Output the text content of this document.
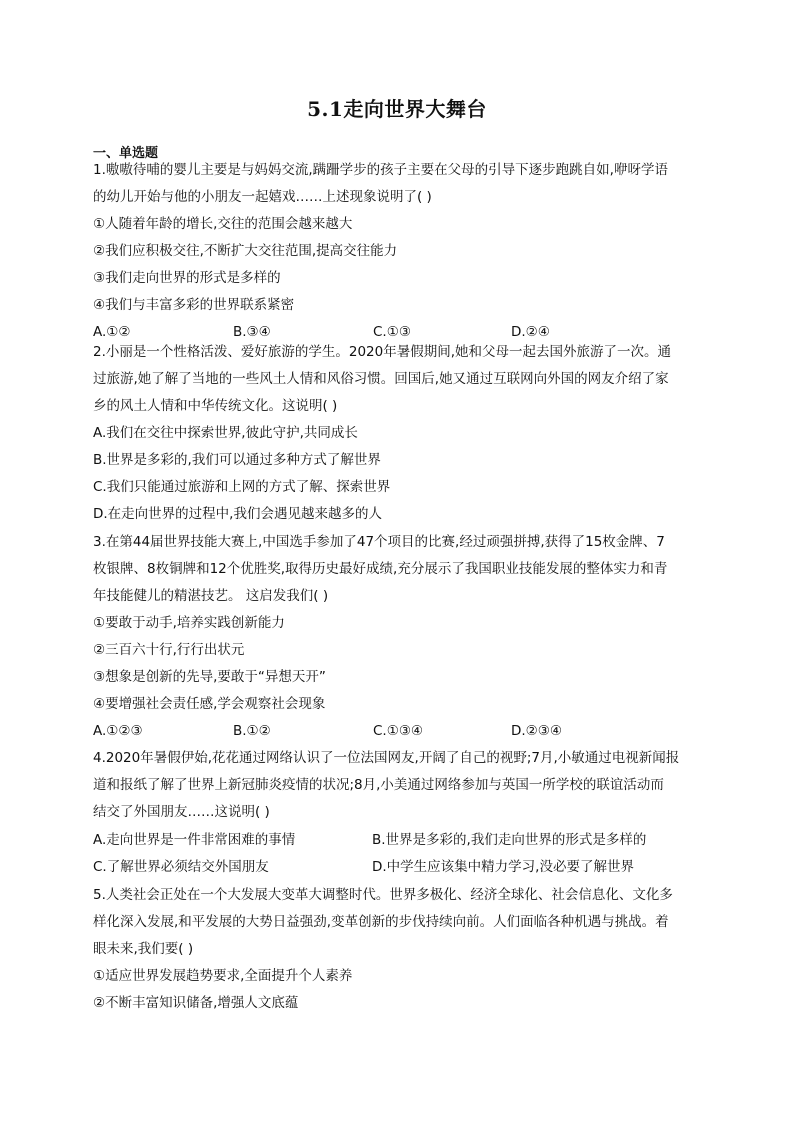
5.1走向世界大舞台
一、单选题
1.嗷嗷待哺的婴儿主要是与妈妈交流,蹒跚学步的孩子主要在父母的引导下逐步跑跳自如,咿呀学语
的幼儿开始与他的小朋友一起嬉戏……上述现象说明了( )
①人随着年龄的增长,交往的范围会越来越大
②我们应积极交往,不断扩大交往范围,提高交往能力
③我们走向世界的形式是多样的
④我们与丰富多彩的世界联系紧密
A.①②	B.③④	C.①③	D.②④
2.小丽是一个性格活泼、爱好旅游的学生。2020年暑假期间,她和父母一起去国外旅游了一次。通
过旅游,她了解了当地的一些风土人情和风俗习惯。回国后,她又通过互联网向外国的网友介绍了家
乡的风土人情和中华传统文化。这说明( )
A.我们在交往中探索世界,彼此守护,共同成长
B.世界是多彩的,我们可以通过多种方式了解世界
C.我们只能通过旅游和上网的方式了解、探索世界
D.在走向世界的过程中,我们会遇见越来越多的人
3.在第44届世界技能大赛上,中国选手参加了47个项目的比赛,经过顽强拼搏,获得了15枚金牌、7
枚银牌、8枚铜牌和12个优胜奖,取得历史最好成绩,充分展示了我国职业技能发展的整体实力和青
年技能健儿的精湛技艺。 这启发我们( )
①要敢于动手,培养实践创新能力
②三百六十行,行行出状元
③想象是创新的先导,要敢于“异想天开”
④要增强社会责任感,学会观察社会现象
A.①②③	B.①②	C.①③④	D.②③④
4.2020年暑假伊始,花花通过网络认识了一位法国网友,开阔了自己的视野;7月,小敏通过电视新闻报
道和报纸了解了世界上新冠肺炎疫情的状况;8月,小美通过网络参加与英国一所学校的联谊活动而
结交了外国朋友……这说明( )
A.走向世界是一件非常困难的事情	B.世界是多彩的,我们走向世界的形式是多样的
C.了解世界必须结交外国朋友	D.中学生应该集中精力学习,没必要了解世界
5.人类社会正处在一个大发展大变革大调整时代。世界多极化、经济全球化、社会信息化、文化多
样化深入发展,和平发展的大势日益强劲,变革创新的步伐持续向前。人们面临各种机遇与挑战。着
眼未来,我们要( )
①适应世界发展趋势要求,全面提升个人素养
②不断丰富知识储备,增强人文底蕴
